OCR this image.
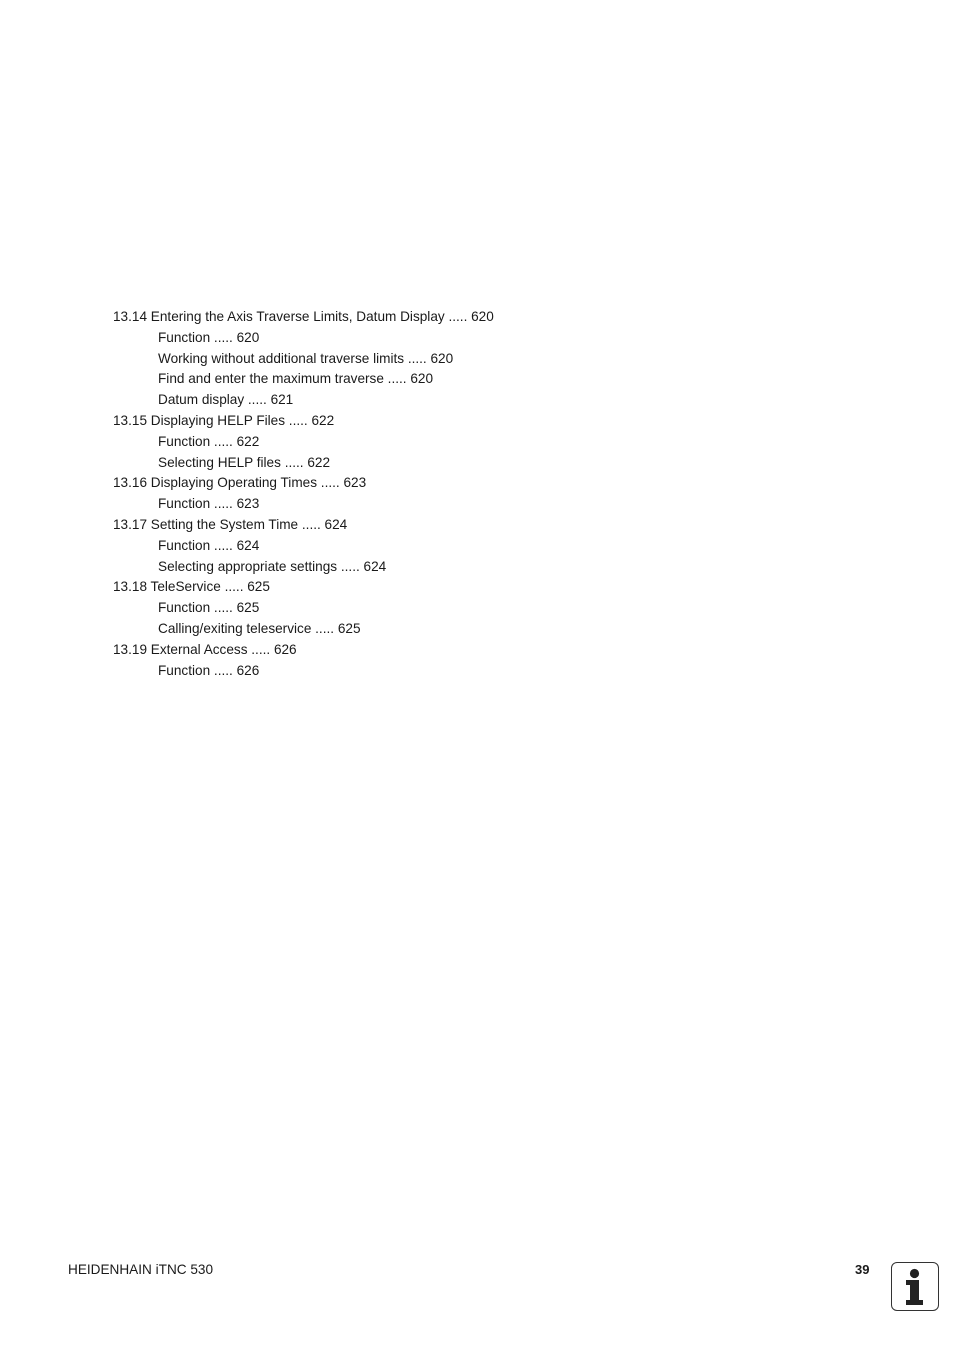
13.14 Entering the Axis Traverse Limits, Datum Display ..... 620
Function ..... 620
Working without additional traverse limits ..... 620
Find and enter the maximum traverse ..... 620
Datum display ..... 621
13.15 Displaying HELP Files ..... 622
Function ..... 622
Selecting HELP files ..... 622
13.16 Displaying Operating Times ..... 623
Function ..... 623
13.17 Setting the System Time ..... 624
Function ..... 624
Selecting appropriate settings ..... 624
13.18 TeleService ..... 625
Function ..... 625
Calling/exiting teleservice ..... 625
13.19 External Access ..... 626
Function ..... 626
HEIDENHAIN iTNC 530	39
